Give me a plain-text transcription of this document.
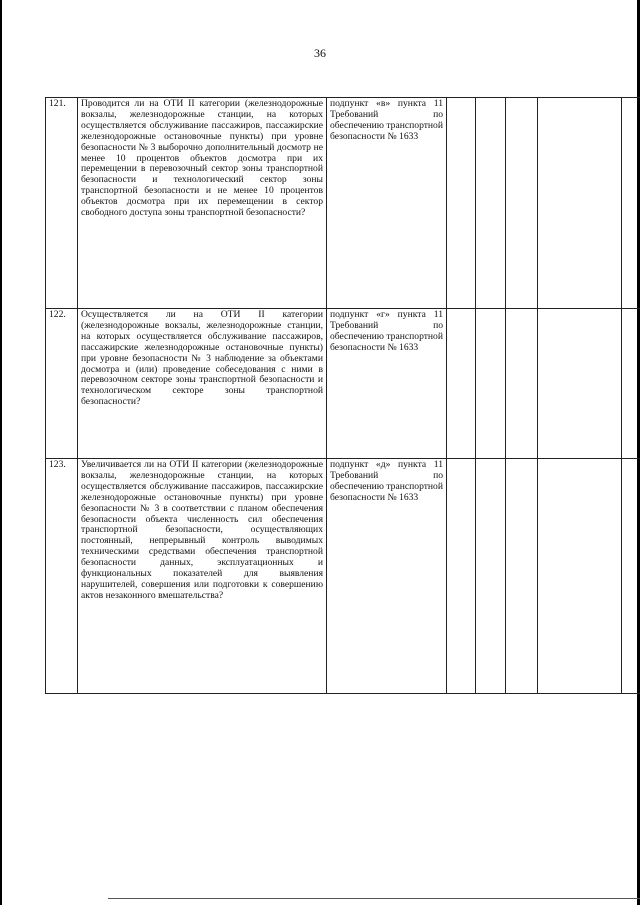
36
121.	Проводится ли на ОТИ II категории (железнодорожные вокзалы, железнодорожные станции, на которых осуществляется обслуживание пассажиров, пассажирские железнодорожные остановочные пункты) при уровне безопасности № 3 выборочно дополнительный досмотр не менее 10 процентов объектов досмотра при их перемещении в перевозочный сектор зоны транспортной безопасности и технологический сектор зоны транспортной безопасности и не менее 10 процентов объектов досмотра при их перемещении в сектор свободного доступа зоны транспортной безопасности?	подпункт «в» пункта 11 Требований по обеспечению транспортной безопасности № 1633					
122.	Осуществляется ли на ОТИ II категории (железнодорожные вокзалы, железнодорожные станции, на которых осуществляется обслуживание пассажиров, пассажирские железнодорожные остановочные пункты) при уровне безопасности № 3 наблюдение за объектами досмотра и (или) проведение собеседования с ними в перевозочном секторе зоны транспортной безопасности и технологическом секторе зоны транспортной безопасности?	подпункт «г» пункта 11 Требований по обеспечению транспортной безопасности № 1633					
123.	Увеличивается ли на ОТИ II категории (железнодорожные вокзалы, железнодорожные станции, на которых осуществляется обслуживание пассажиров, пассажирские железнодорожные остановочные пункты) при уровне безопасности № 3 в соответствии с планом обеспечения безопасности объекта численность сил обеспечения транспортной безопасности, осуществляющих постоянный, непрерывный контроль выводимых техническими средствами обеспечения транспортной безопасности данных, эксплуатационных и функциональных показателей для выявления нарушителей, совершения или подготовки к совершению актов незаконного вмешательства?	подпункт «д» пункта 11 Требований по обеспечению транспортной безопасности № 1633					
